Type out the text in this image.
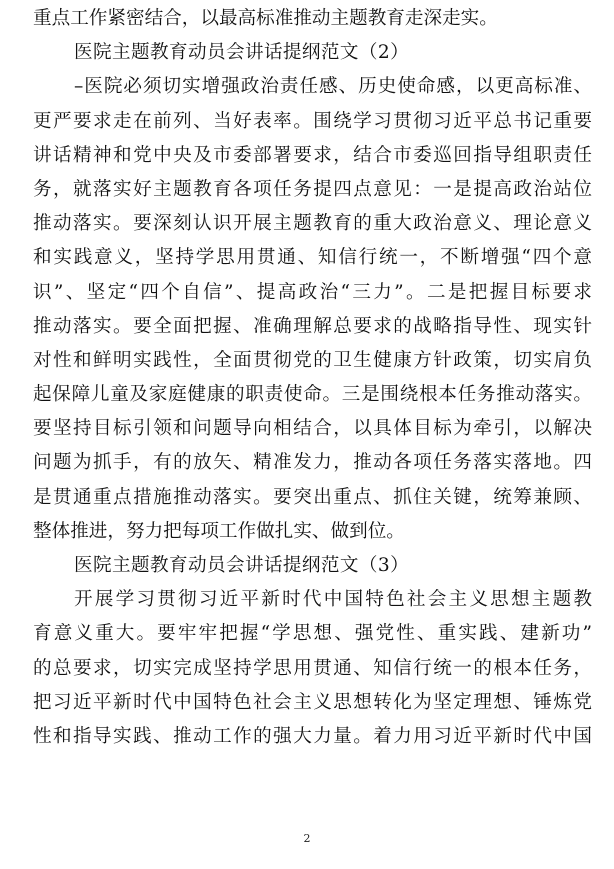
重点工作紧密结合，以最高标准推动主题教育走深走实。
医院主题教育动员会讲话提纲范文（2）
–医院必须切实增强政治责任感、历史使命感，以更高标准、
更严要求走在前列、当好表率。围绕学习贯彻习近平总书记重要
讲话精神和党中央及市委部署要求，结合市委巡回指导组职责任
务，就落实好主题教育各项任务提四点意见：一是提高政治站位
推动落实。要深刻认识开展主题教育的重大政治意义、理论意义
和实践意义，坚持学思用贯通、知信行统一，不断增强“四个意
识”、坚定“四个自信”、提高政治“三力”。二是把握目标要求
推动落实。要全面把握、准确理解总要求的战略指导性、现实针
对性和鲜明实践性，全面贯彻党的卫生健康方针政策，切实肩负
起保障儿童及家庭健康的职责使命。三是围绕根本任务推动落实。
要坚持目标引领和问题导向相结合，以具体目标为牵引，以解决
问题为抓手，有的放矢、精准发力，推动各项任务落实落地。四
是贯通重点措施推动落实。要突出重点、抓住关键，统筹兼顾、
整体推进，努力把每项工作做扎实、做到位。
医院主题教育动员会讲话提纲范文（3）
开展学习贯彻习近平新时代中国特色社会主义思想主题教
育意义重大。要牢牢把握“学思想、强党性、重实践、建新功”
的总要求，切实完成坚持学思用贯通、知信行统一的根本任务，
把习近平新时代中国特色社会主义思想转化为坚定理想、锤炼党
性和指导实践、推动工作的强大力量。着力用习近平新时代中国
2
